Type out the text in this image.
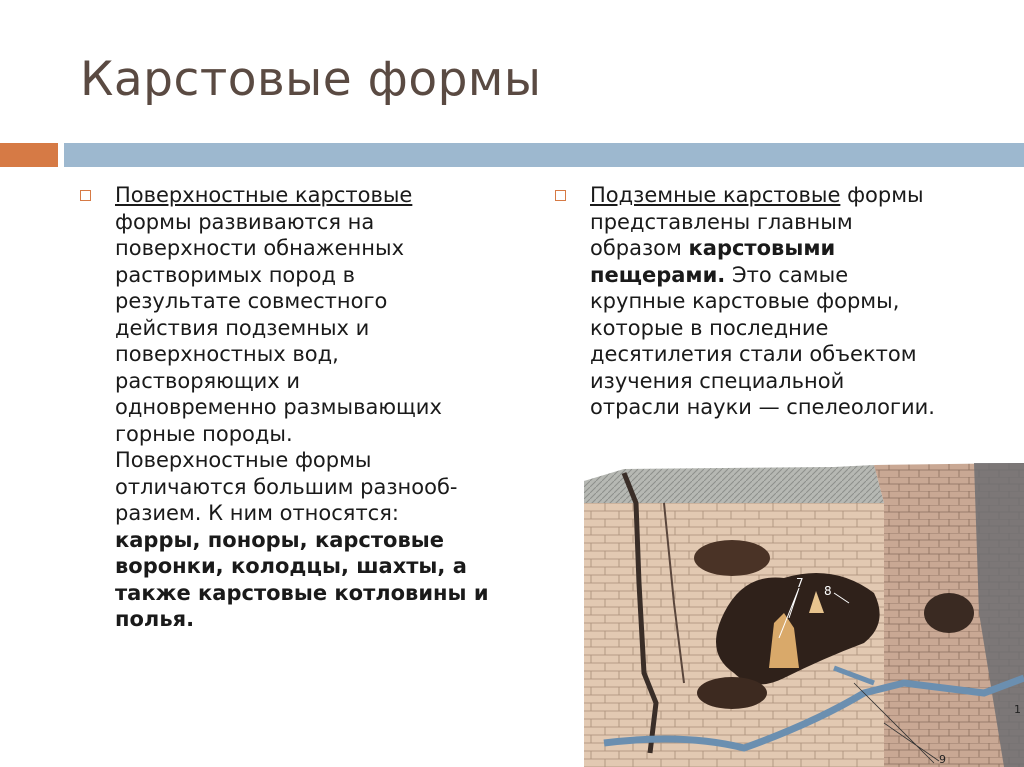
Карстовые формы
Поверхностные карстовые
формы развиваются на
поверхности обнаженных
растворимых пород в
результате совместного
действия подземных и
поверхностных вод,
растворяющих и
одновременно размывающих
горные породы.
Поверхностные формы
отличаются большим разнооб-
разием. К ним относятся:
карры, поноры, карстовые
воронки, колодцы, шахты, а
также карстовые котловины и
полья.
Подземные карстовые формы
представлены главным
образом карстовыми
пещерами. Это самые
крупные карстовые формы,
которые в последние
десятилетия стали объектом
изучения специальной
отрасли науки — спелеологии.
7
8
9
1
